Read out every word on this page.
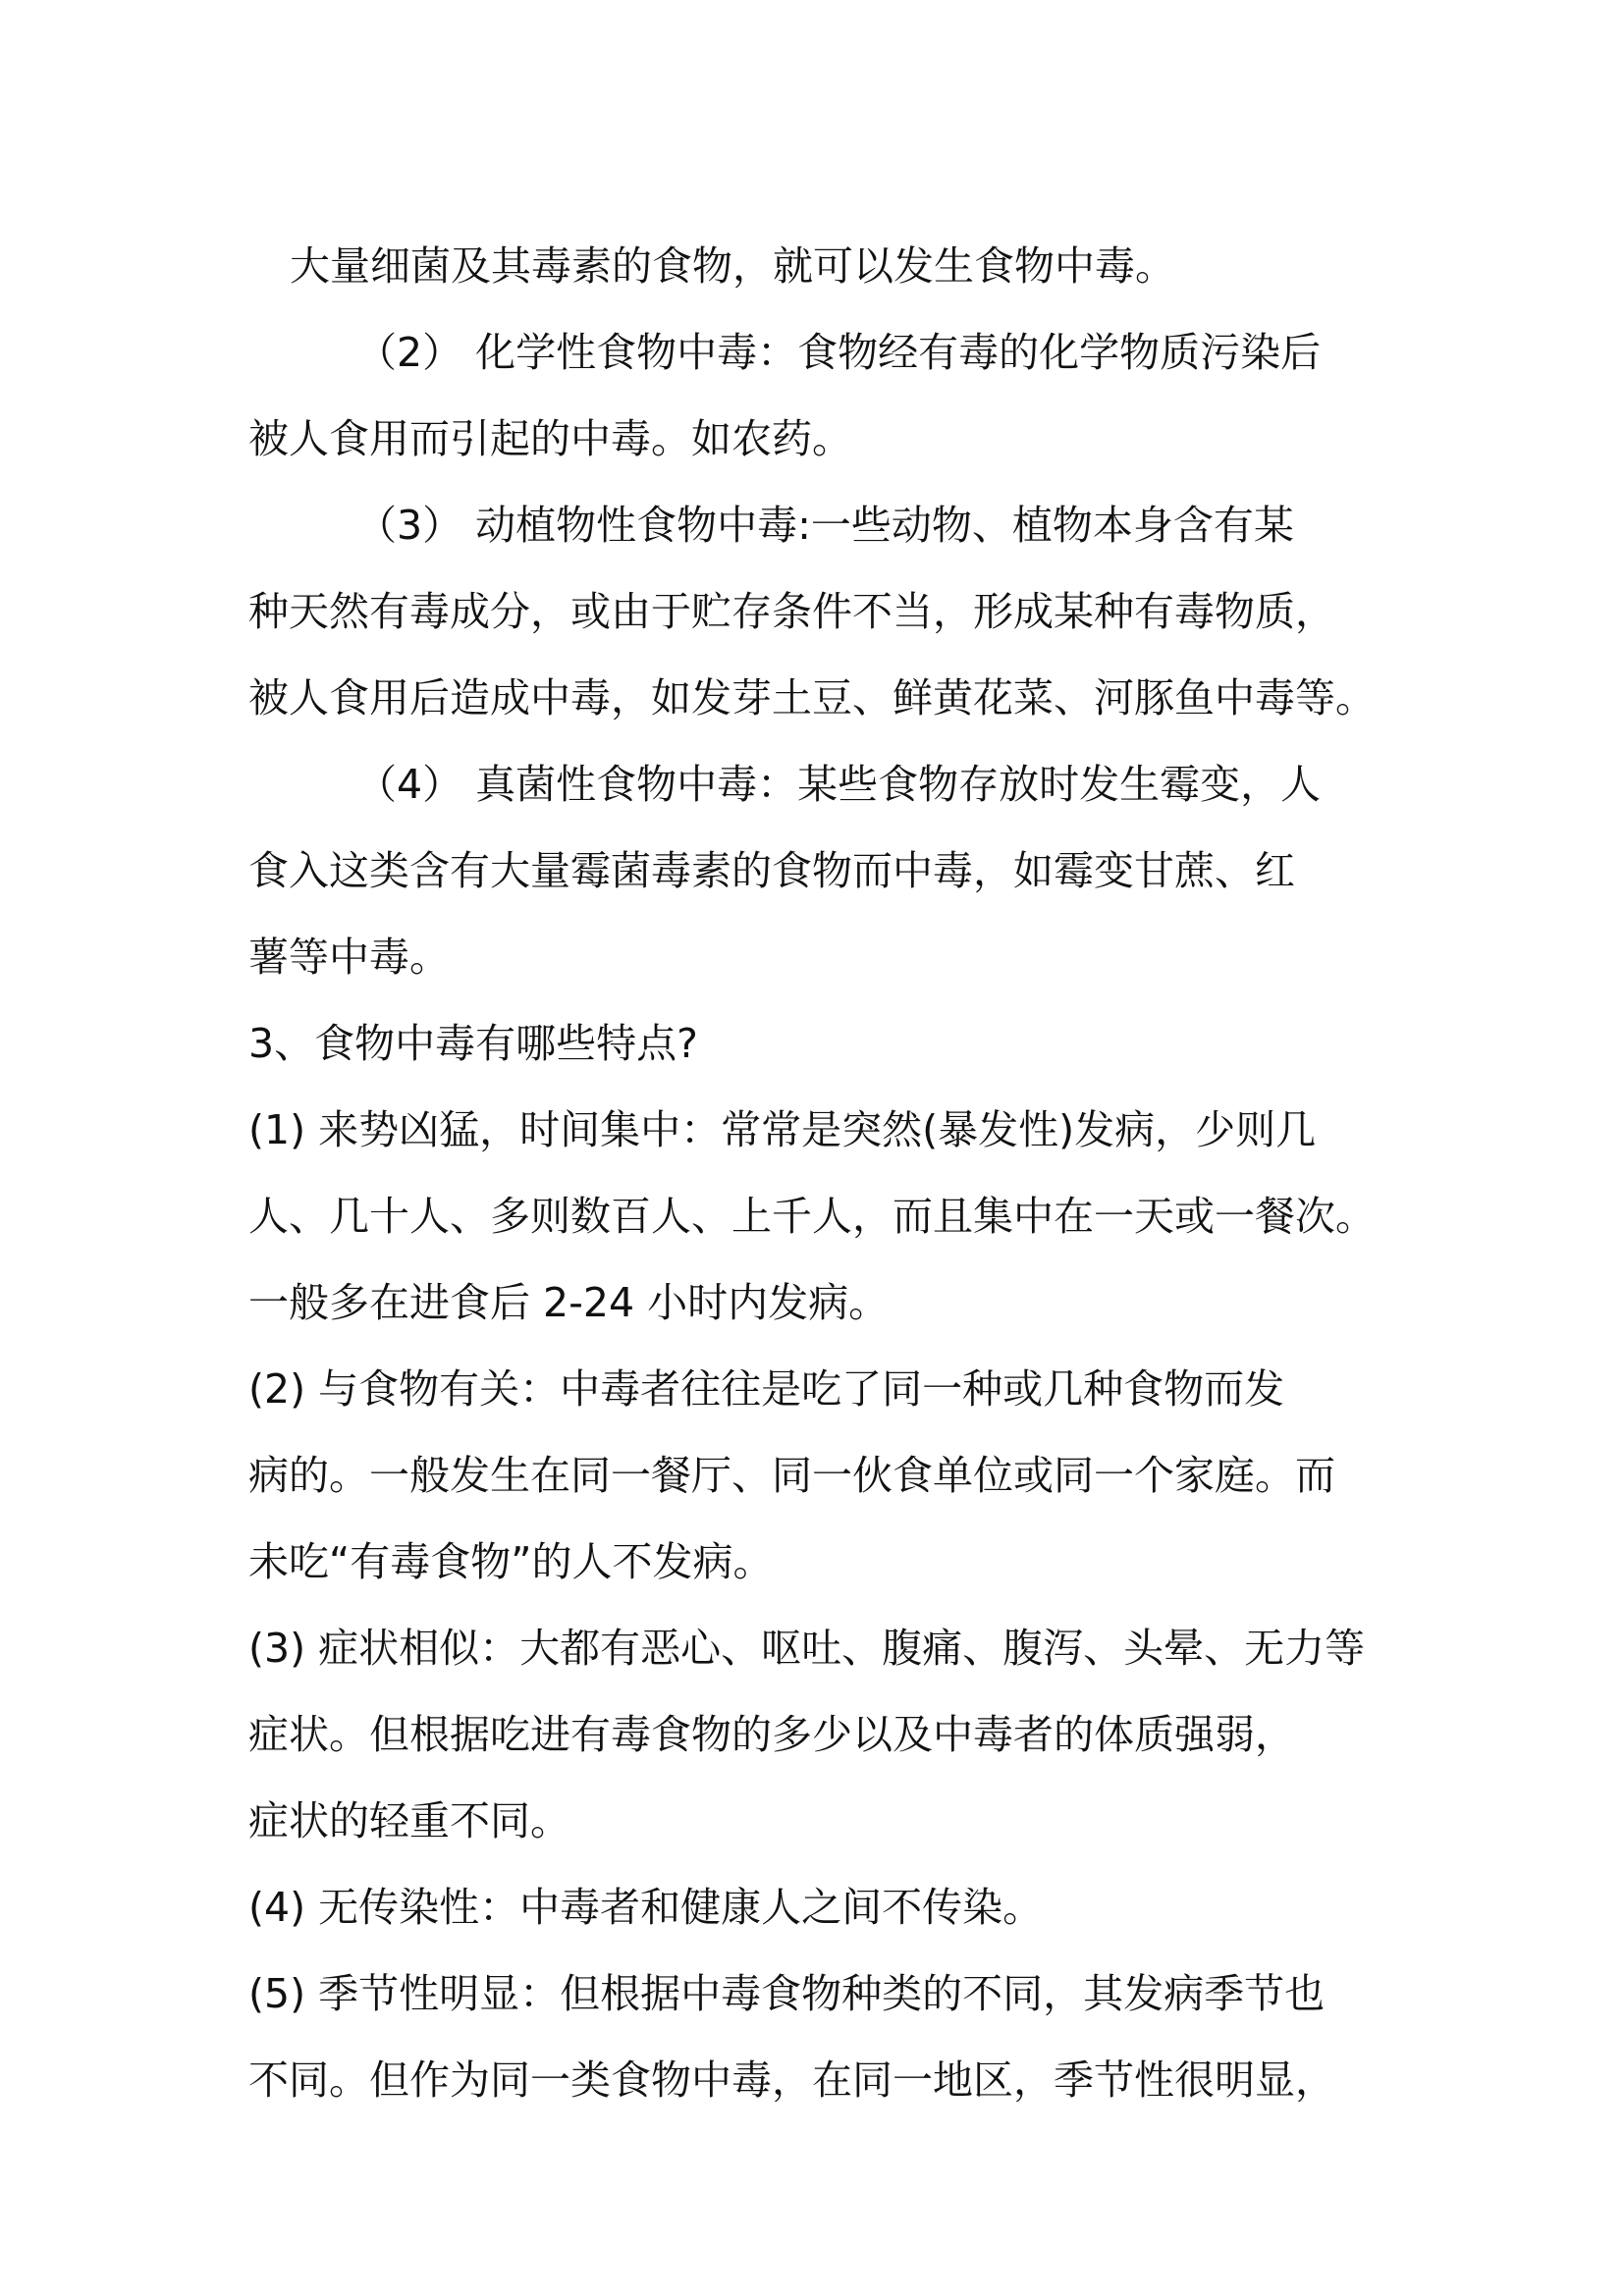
大量细菌及其毒素的食物，就可以发生食物中毒。
（2） 化学性食物中毒：食物经有毒的化学物质污染后
被人食用而引起的中毒。如农药。
（3） 动植物性食物中毒:一些动物、植物本身含有某
种天然有毒成分，或由于贮存条件不当，形成某种有毒物质，
被人食用后造成中毒，如发芽土豆、鲜黄花菜、河豚鱼中毒等。
（4） 真菌性食物中毒：某些食物存放时发生霉变，人
食入这类含有大量霉菌毒素的食物而中毒，如霉变甘蔗、红
薯等中毒。
3、食物中毒有哪些特点?
(1) 来势凶猛，时间集中：常常是突然(暴发性)发病，少则几
人、几十人、多则数百人、上千人，而且集中在一天或一餐次。
一般多在进食后 2-24 小时内发病。
(2) 与食物有关：中毒者往往是吃了同一种或几种食物而发
病的。一般发生在同一餐厅、同一伙食单位或同一个家庭。而
未吃“有毒食物”的人不发病。
(3) 症状相似：大都有恶心、呕吐、腹痛、腹泻、头晕、无力等
症状。但根据吃进有毒食物的多少以及中毒者的体质强弱，
症状的轻重不同。
(4) 无传染性：中毒者和健康人之间不传染。
(5) 季节性明显：但根据中毒食物种类的不同，其发病季节也
不同。但作为同一类食物中毒，在同一地区，季节性很明显，
